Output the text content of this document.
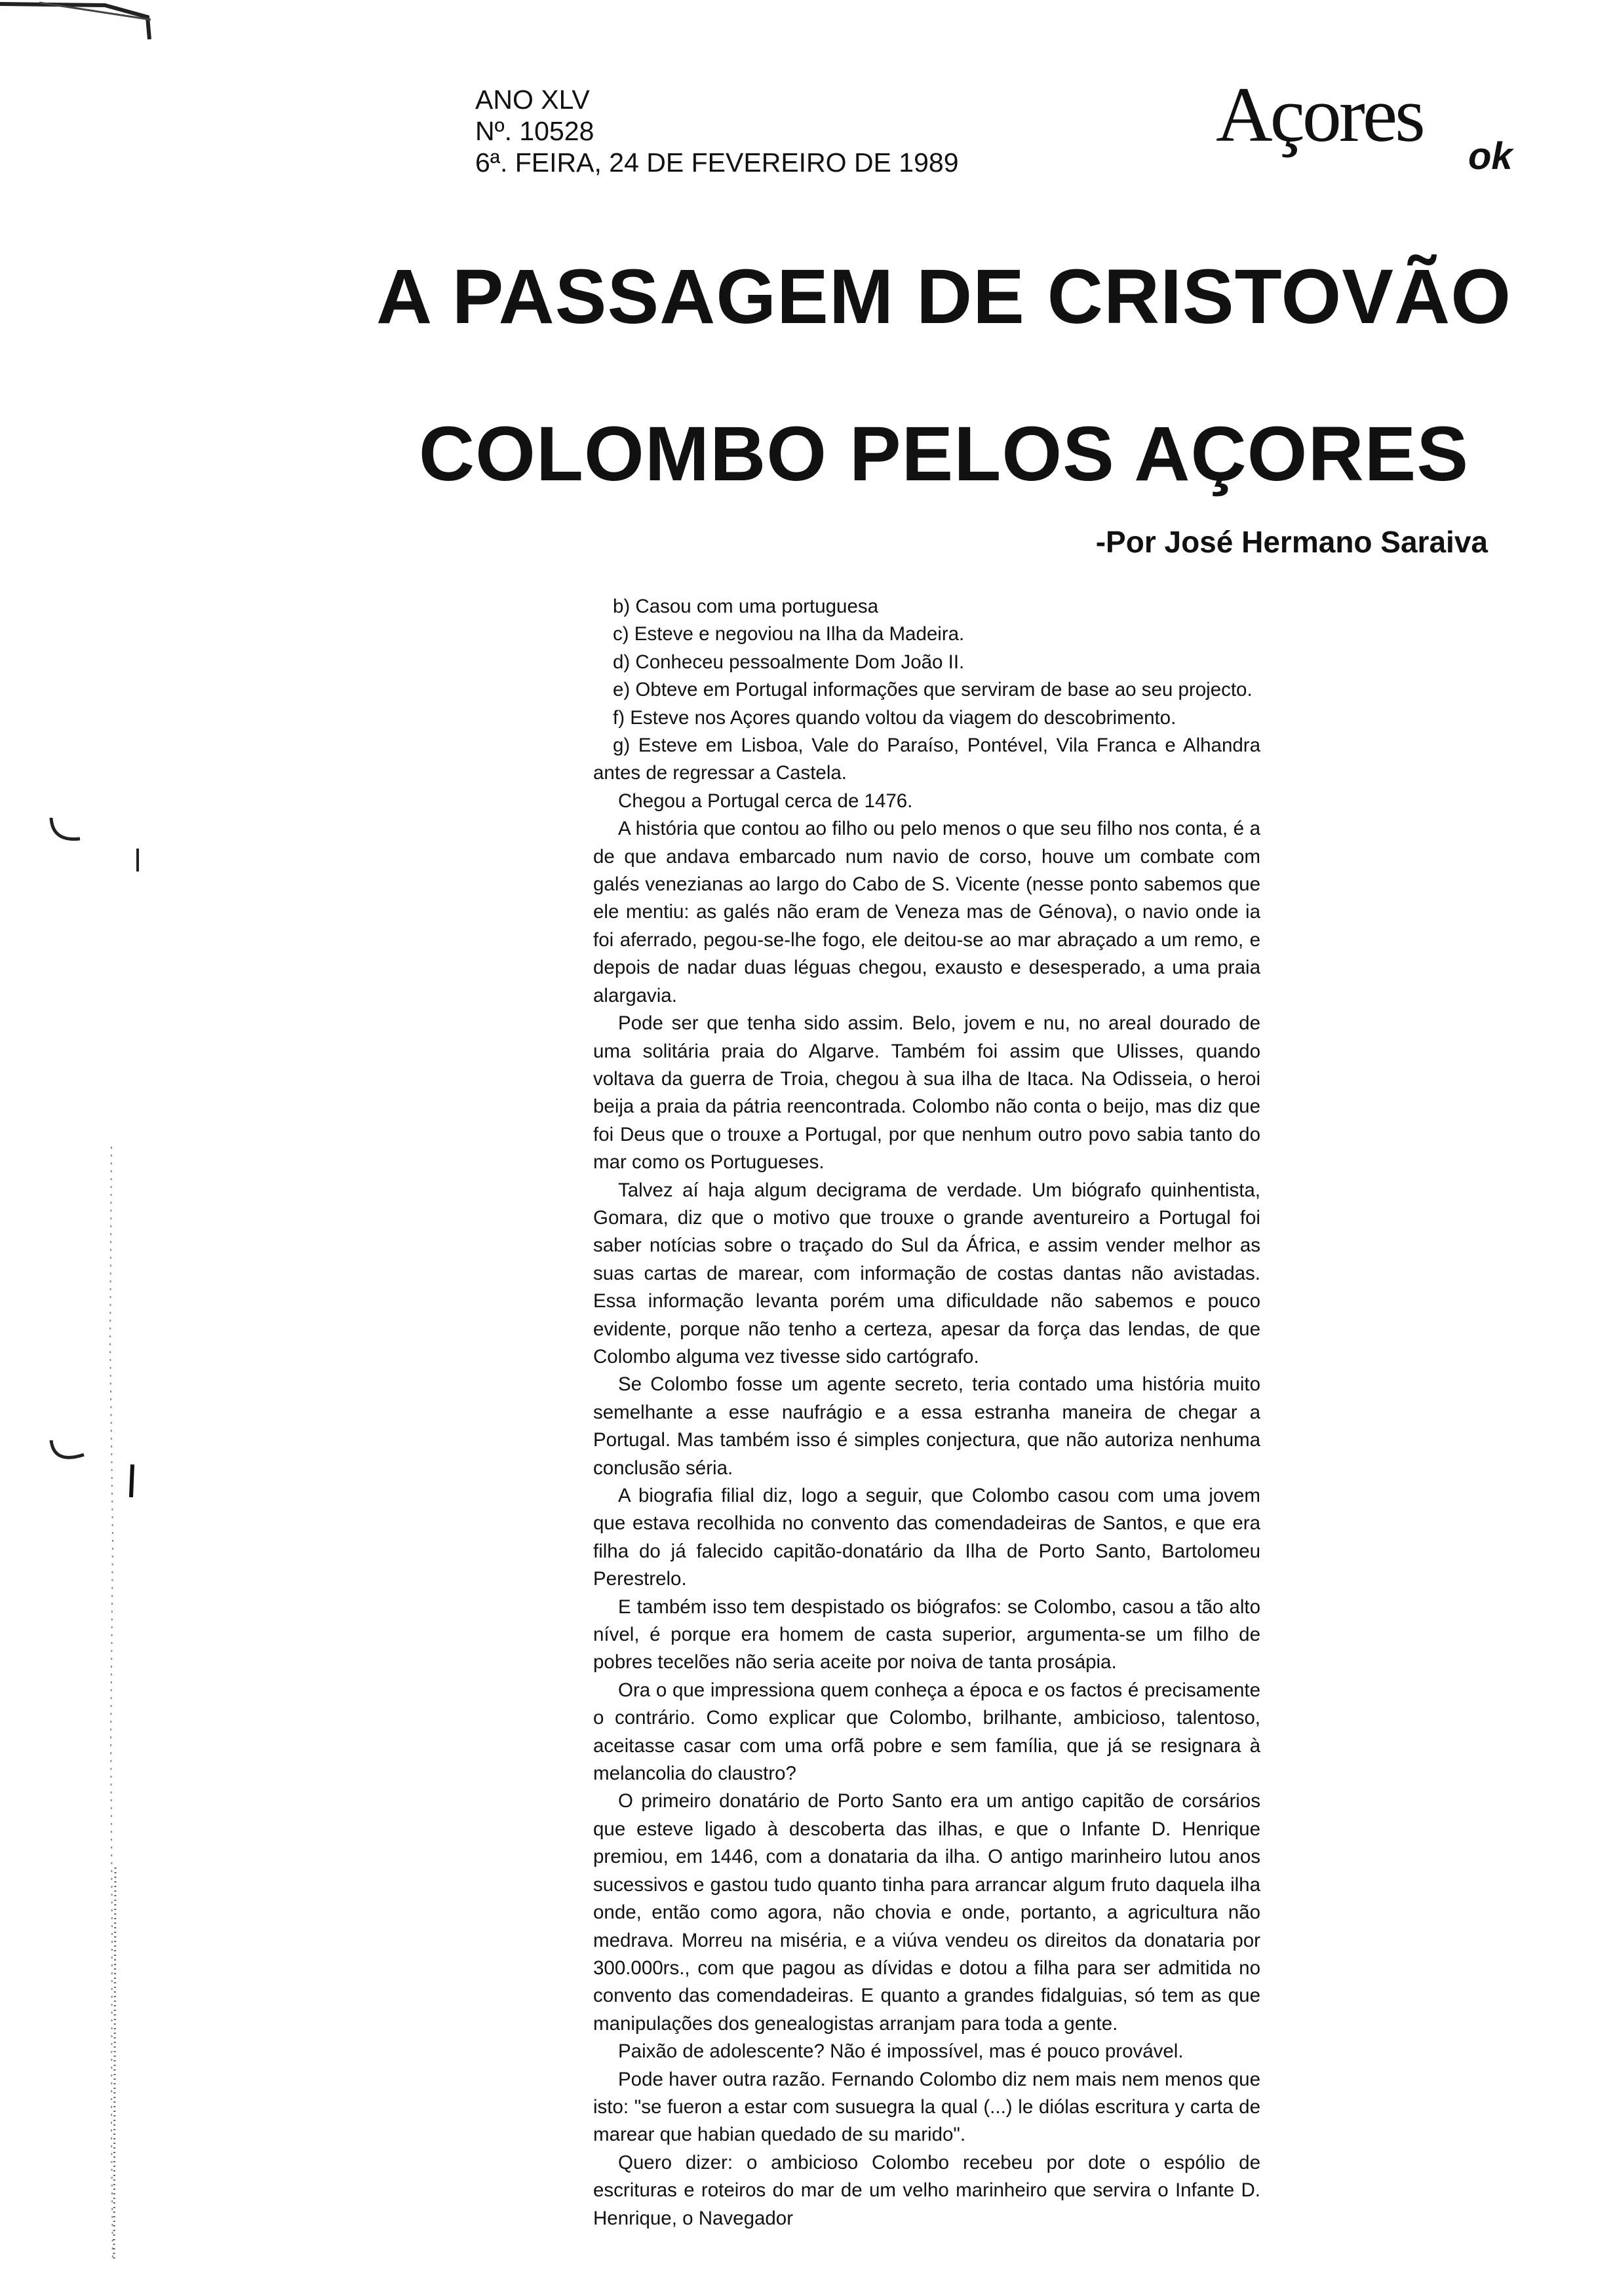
ANO XLV
Nº. 10528
6ª. FEIRA, 24 DE FEVEREIRO DE 1989
Açores ok
A PASSAGEM DE CRISTOVÃO
COLOMBO PELOS AÇORES
-Por José Hermano Saraiva

b) Casou com uma portuguesa

c) Esteve e negoviou na Ilha da Madeira.

d) Conheceu pessoalmente Dom João II.

e) Obteve em Portugal informações que serviram de base ao seu projecto.

f) Esteve nos Açores quando voltou da viagem do descobrimento.

g) Esteve em Lisboa, Vale do Paraíso, Pontével, Vila Franca e Alhandra antes de regressar a Castela.

Chegou a Portugal cerca de 1476.

A história que contou ao filho ou pelo menos o que seu filho nos conta, é a de que andava embarcado num navio de corso, houve um combate com galés venezianas ao largo do Cabo de S. Vicente (nesse ponto sabemos que ele mentiu: as galés não eram de Veneza mas de Génova), o navio onde ia foi aferrado, pegou-se-lhe fogo, ele deitou-se ao mar abraçado a um remo, e depois de nadar duas léguas chegou, exausto e desesperado, a uma praia alargavia.

Pode ser que tenha sido assim. Belo, jovem e nu, no areal dourado de uma solitária praia do Algarve. Também foi assim que Ulisses, quando voltava da guerra de Troia, chegou à sua ilha de Itaca. Na Odisseia, o heroi beija a praia da pátria reencontrada. Colombo não conta o beijo, mas diz que foi Deus que o trouxe a Portugal, por que nenhum outro povo sabia tanto do mar como os Portugueses.

Talvez aí haja algum decigrama de verdade. Um biógrafo quinhentista, Gomara, diz que o motivo que trouxe o grande aventureiro a Portugal foi saber notícias sobre o traçado do Sul da África, e assim vender melhor as suas cartas de marear, com informação de costas dantas não avistadas. Essa informação levanta porém uma dificuldade não sabemos e pouco evidente, porque não tenho a certeza, apesar da força das lendas, de que Colombo alguma vez tivesse sido cartógrafo.

Se Colombo fosse um agente secreto, teria contado uma história muito semelhante a esse naufrágio e a essa estranha maneira de chegar a Portugal. Mas também isso é simples conjectura, que não autoriza nenhuma conclusão séria.

A biografia filial diz, logo a seguir, que Colombo casou com uma jovem que estava recolhida no convento das comendadeiras de Santos, e que era filha do já falecido capitão-donatário da Ilha de Porto Santo, Bartolomeu Perestrelo.

E também isso tem despistado os biógrafos: se Colombo, casou a tão alto nível, é porque era homem de casta superior, argumenta-se um filho de pobres tecelões não seria aceite por noiva de tanta prosápia.

Ora o que impressiona quem conheça a época e os factos é precisamente o contrário. Como explicar que Colombo, brilhante, ambicioso, talentoso, aceitasse casar com uma orfã pobre e sem família, que já se resignara à melancolia do claustro?

O primeiro donatário de Porto Santo era um antigo capitão de corsários que esteve ligado à descoberta das ilhas, e que o Infante D. Henrique premiou, em 1446, com a donataria da ilha. O antigo marinheiro lutou anos sucessivos e gastou tudo quanto tinha para arrancar algum fruto daquela ilha onde, então como agora, não chovia e onde, portanto, a agricultura não medrava. Morreu na miséria, e a viúva vendeu os direitos da donataria por 300.000rs., com que pagou as dívidas e dotou a filha para ser admitida no convento das comendadeiras. E quanto a grandes fidalguias, só tem as que manipulações dos genealogistas arranjam para toda a gente.

Paixão de adolescente? Não é impossível, mas é pouco provável.

Pode haver outra razão. Fernando Colombo diz nem mais nem menos que isto: "se fueron a estar com susuegra la qual (...) le diólas escritura y carta de marear que habian quedado de su marido".

Quero dizer: o ambicioso Colombo recebeu por dote o espólio de escrituras e roteiros do mar de um velho marinheiro que servira o Infante D. Henrique, o Navegador
